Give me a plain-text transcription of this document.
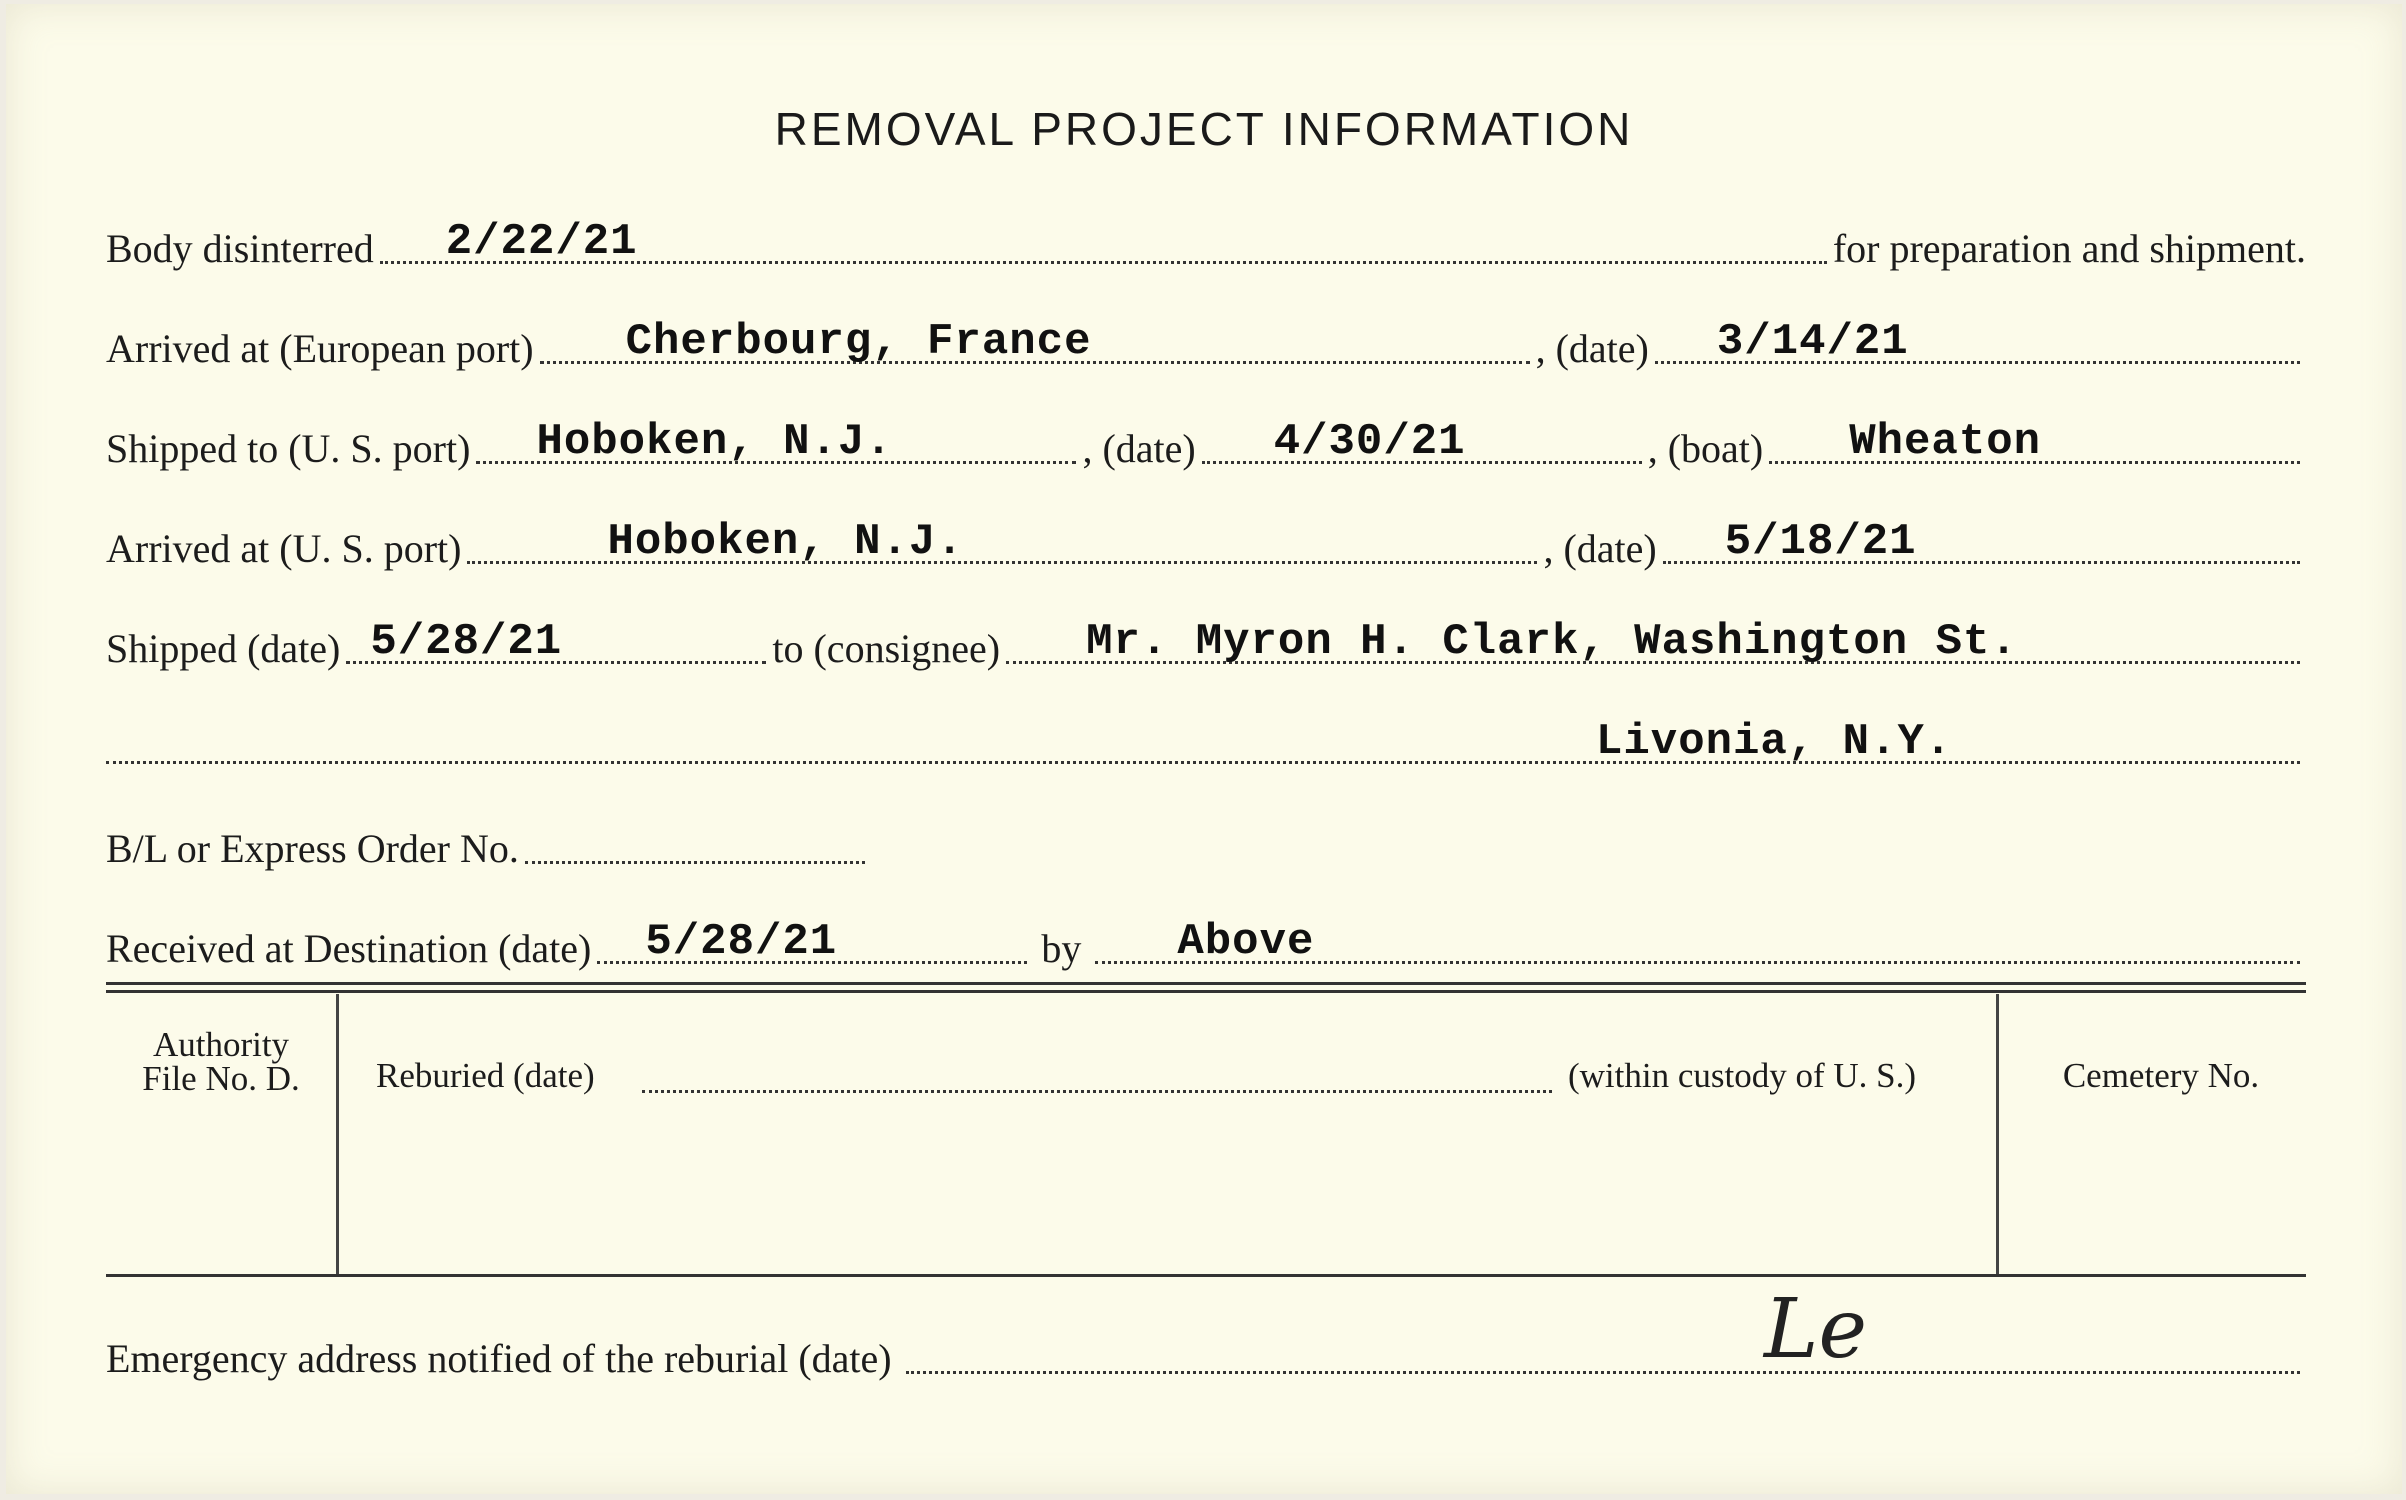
REMOVAL PROJECT INFORMATION
Body disinterred 2/22/21	for preparation and shipment.
Arrived at (European port) Cherbourg, France	, (date) 3/14/21
Shipped to (U. S. port) Hoboken, N.J.	, (date) 4/30/21	, (boat) Wheaton
Arrived at (U. S. port)	Hoboken, N.J.	, (date) 5/18/21
Shipped (date) 5/28/21	to (consignee) Mr. Myron H. Clark, Washington St.
Livonia, N.Y.
B/L or Express Order No.
Received at Destination (date) 5/28/21	by Above
Authority
File No. D.	Reburied (date)	(within custody of U. S.)	Cemetery No.
Emergency address notified of the reburial (date)	Le
